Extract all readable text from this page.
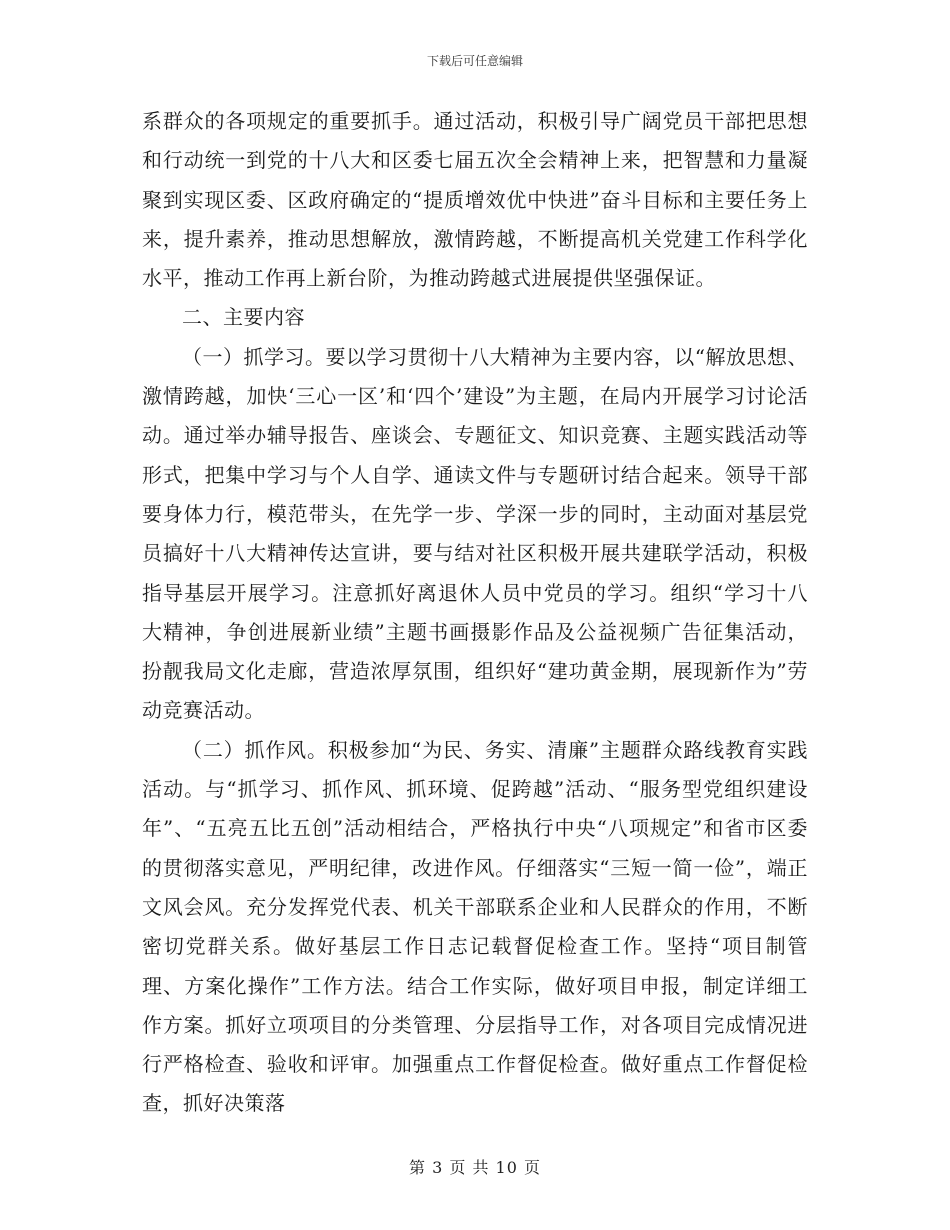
下载后可任意编辑

系群众的各项规定的重要抓手。通过活动，积极引导广阔党员干部把思想和行动统一到党的十八大和区委七届五次全会精神上来，把智慧和力量凝聚到实现区委、区政府确定的“提质增效优中快进”奋斗目标和主要任务上来，提升素养，推动思想解放，激情跨越，不断提高机关党建工作科学化水平，推动工作再上新台阶，为推动跨越式进展提供坚强保证。

二、主要内容

（一）抓学习。要以学习贯彻十八大精神为主要内容，以“解放思想、激情跨越，加快‘三心一区’和‘四个’建设”为主题，在局内开展学习讨论活动。通过举办辅导报告、座谈会、专题征文、知识竞赛、主题实践活动等形式，把集中学习与个人自学、通读文件与专题研讨结合起来。领导干部要身体力行，模范带头，在先学一步、学深一步的同时，主动面对基层党员搞好十八大精神传达宣讲，要与结对社区积极开展共建联学活动，积极指导基层开展学习。注意抓好离退休人员中党员的学习。组织“学习十八大精神，争创进展新业绩”主题书画摄影作品及公益视频广告征集活动，扮靓我局文化走廊，营造浓厚氛围，组织好“建功黄金期，展现新作为”劳动竞赛活动。

（二）抓作风。积极参加“为民、务实、清廉”主题群众路线教育实践活动。与“抓学习、抓作风、抓环境、促跨越”活动、“服务型党组织建设年”、“五亮五比五创”活动相结合，严格执行中央“八项规定”和省市区委的贯彻落实意见，严明纪律，改进作风。仔细落实“三短一简一俭”，端正文风会风。充分发挥党代表、机关干部联系企业和人民群众的作用，不断密切党群关系。做好基层工作日志记载督促检查工作。坚持“项目制管理、方案化操作”工作方法。结合工作实际，做好项目申报，制定详细工作方案。抓好立项项目的分类管理、分层指导工作，对各项目完成情况进行严格检查、验收和评审。加强重点工作督促检查。做好重点工作督促检查，抓好决策落

第 3 页 共 10 页
